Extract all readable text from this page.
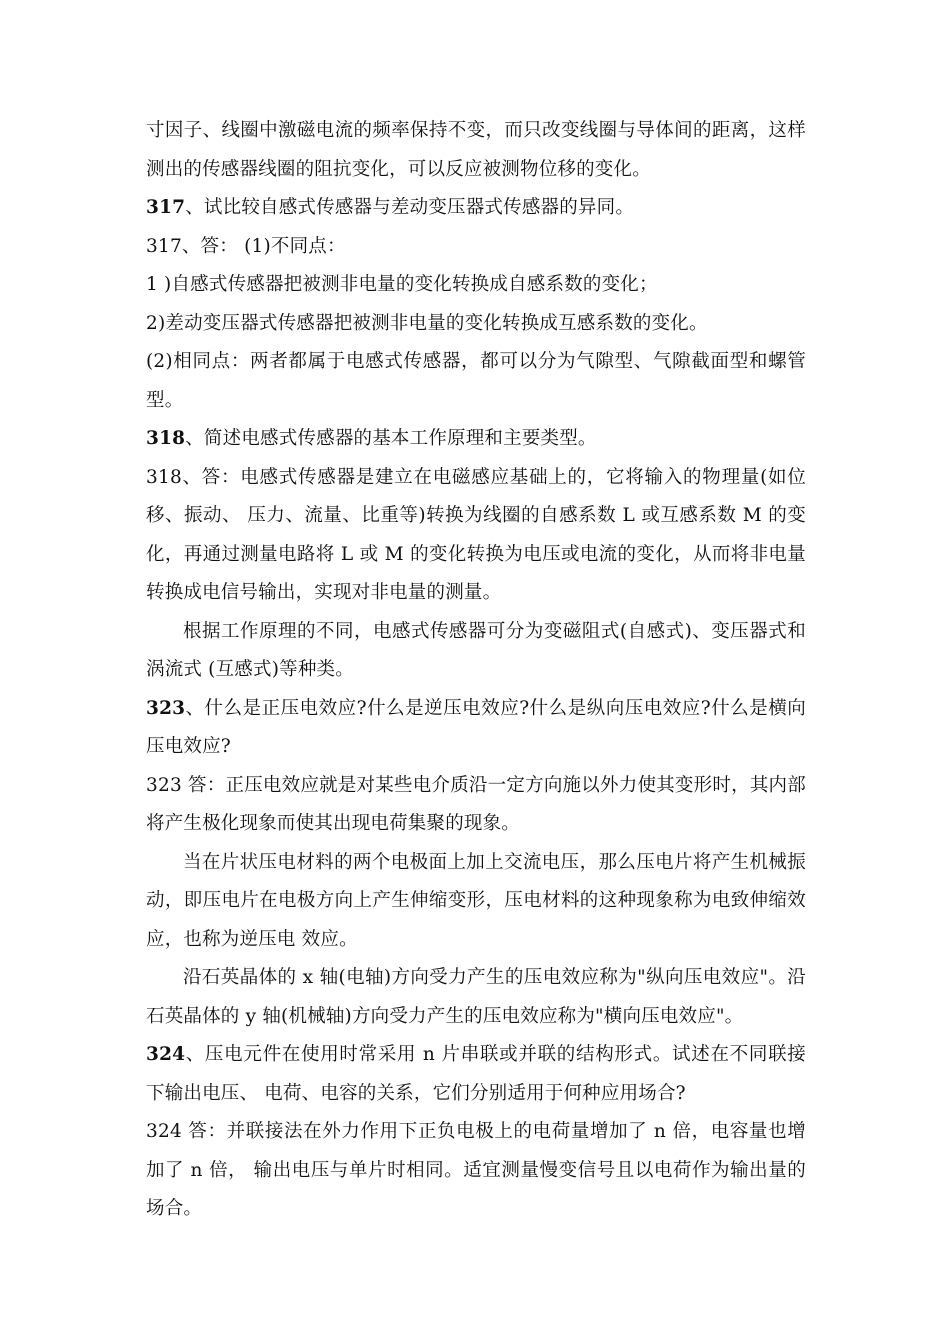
寸因子、线圈中激磁电流的频率保持不变，而只改变线圈与导体间的距离，这样测出的传感器线圈的阻抗变化，可以反应被测物位移的变化。

317、试比较自感式传感器与差动变压器式传感器的异同。

317、答： (1)不同点：

1 )自感式传感器把被测非电量的变化转换成自感系数的变化；

2)差动变压器式传感器把被测非电量的变化转换成互感系数的变化。

(2)相同点：两者都属于电感式传感器，都可以分为气隙型、气隙截面型和螺管型。

318、简述电感式传感器的基本工作原理和主要类型。

318、答：电感式传感器是建立在电磁感应基础上的，它将输入的物理量(如位移、振动、 压力、流量、比重等)转换为线圈的自感系数 L 或互感系数 M 的变化，再通过测量电路将 L 或 M 的变化转换为电压或电流的变化，从而将非电量转换成电信号输出，实现对非电量的测量。

根据工作原理的不同，电感式传感器可分为变磁阻式(自感式)、变压器式和涡流式 (互感式)等种类。

323、什么是正压电效应?什么是逆压电效应?什么是纵向压电效应?什么是横向压电效应?

323 答：正压电效应就是对某些电介质沿一定方向施以外力使其变形时，其内部将产生极化现象而使其出现电荷集聚的现象。

当在片状压电材料的两个电极面上加上交流电压，那么压电片将产生机械振动，即压电片在电极方向上产生伸缩变形，压电材料的这种现象称为电致伸缩效应，也称为逆压电 效应。

沿石英晶体的 x 轴(电轴)方向受力产生的压电效应称为"纵向压电效应"。沿石英晶体的 y 轴(机械轴)方向受力产生的压电效应称为"横向压电效应"。

324、压电元件在使用时常采用 n 片串联或并联的结构形式。试述在不同联接下输出电压、 电荷、电容的关系，它们分别适用于何种应用场合?

324 答：并联接法在外力作用下正负电极上的电荷量增加了 n 倍，电容量也增加了 n 倍， 输出电压与单片时相同。适宜测量慢变信号且以电荷作为输出量的场合。
